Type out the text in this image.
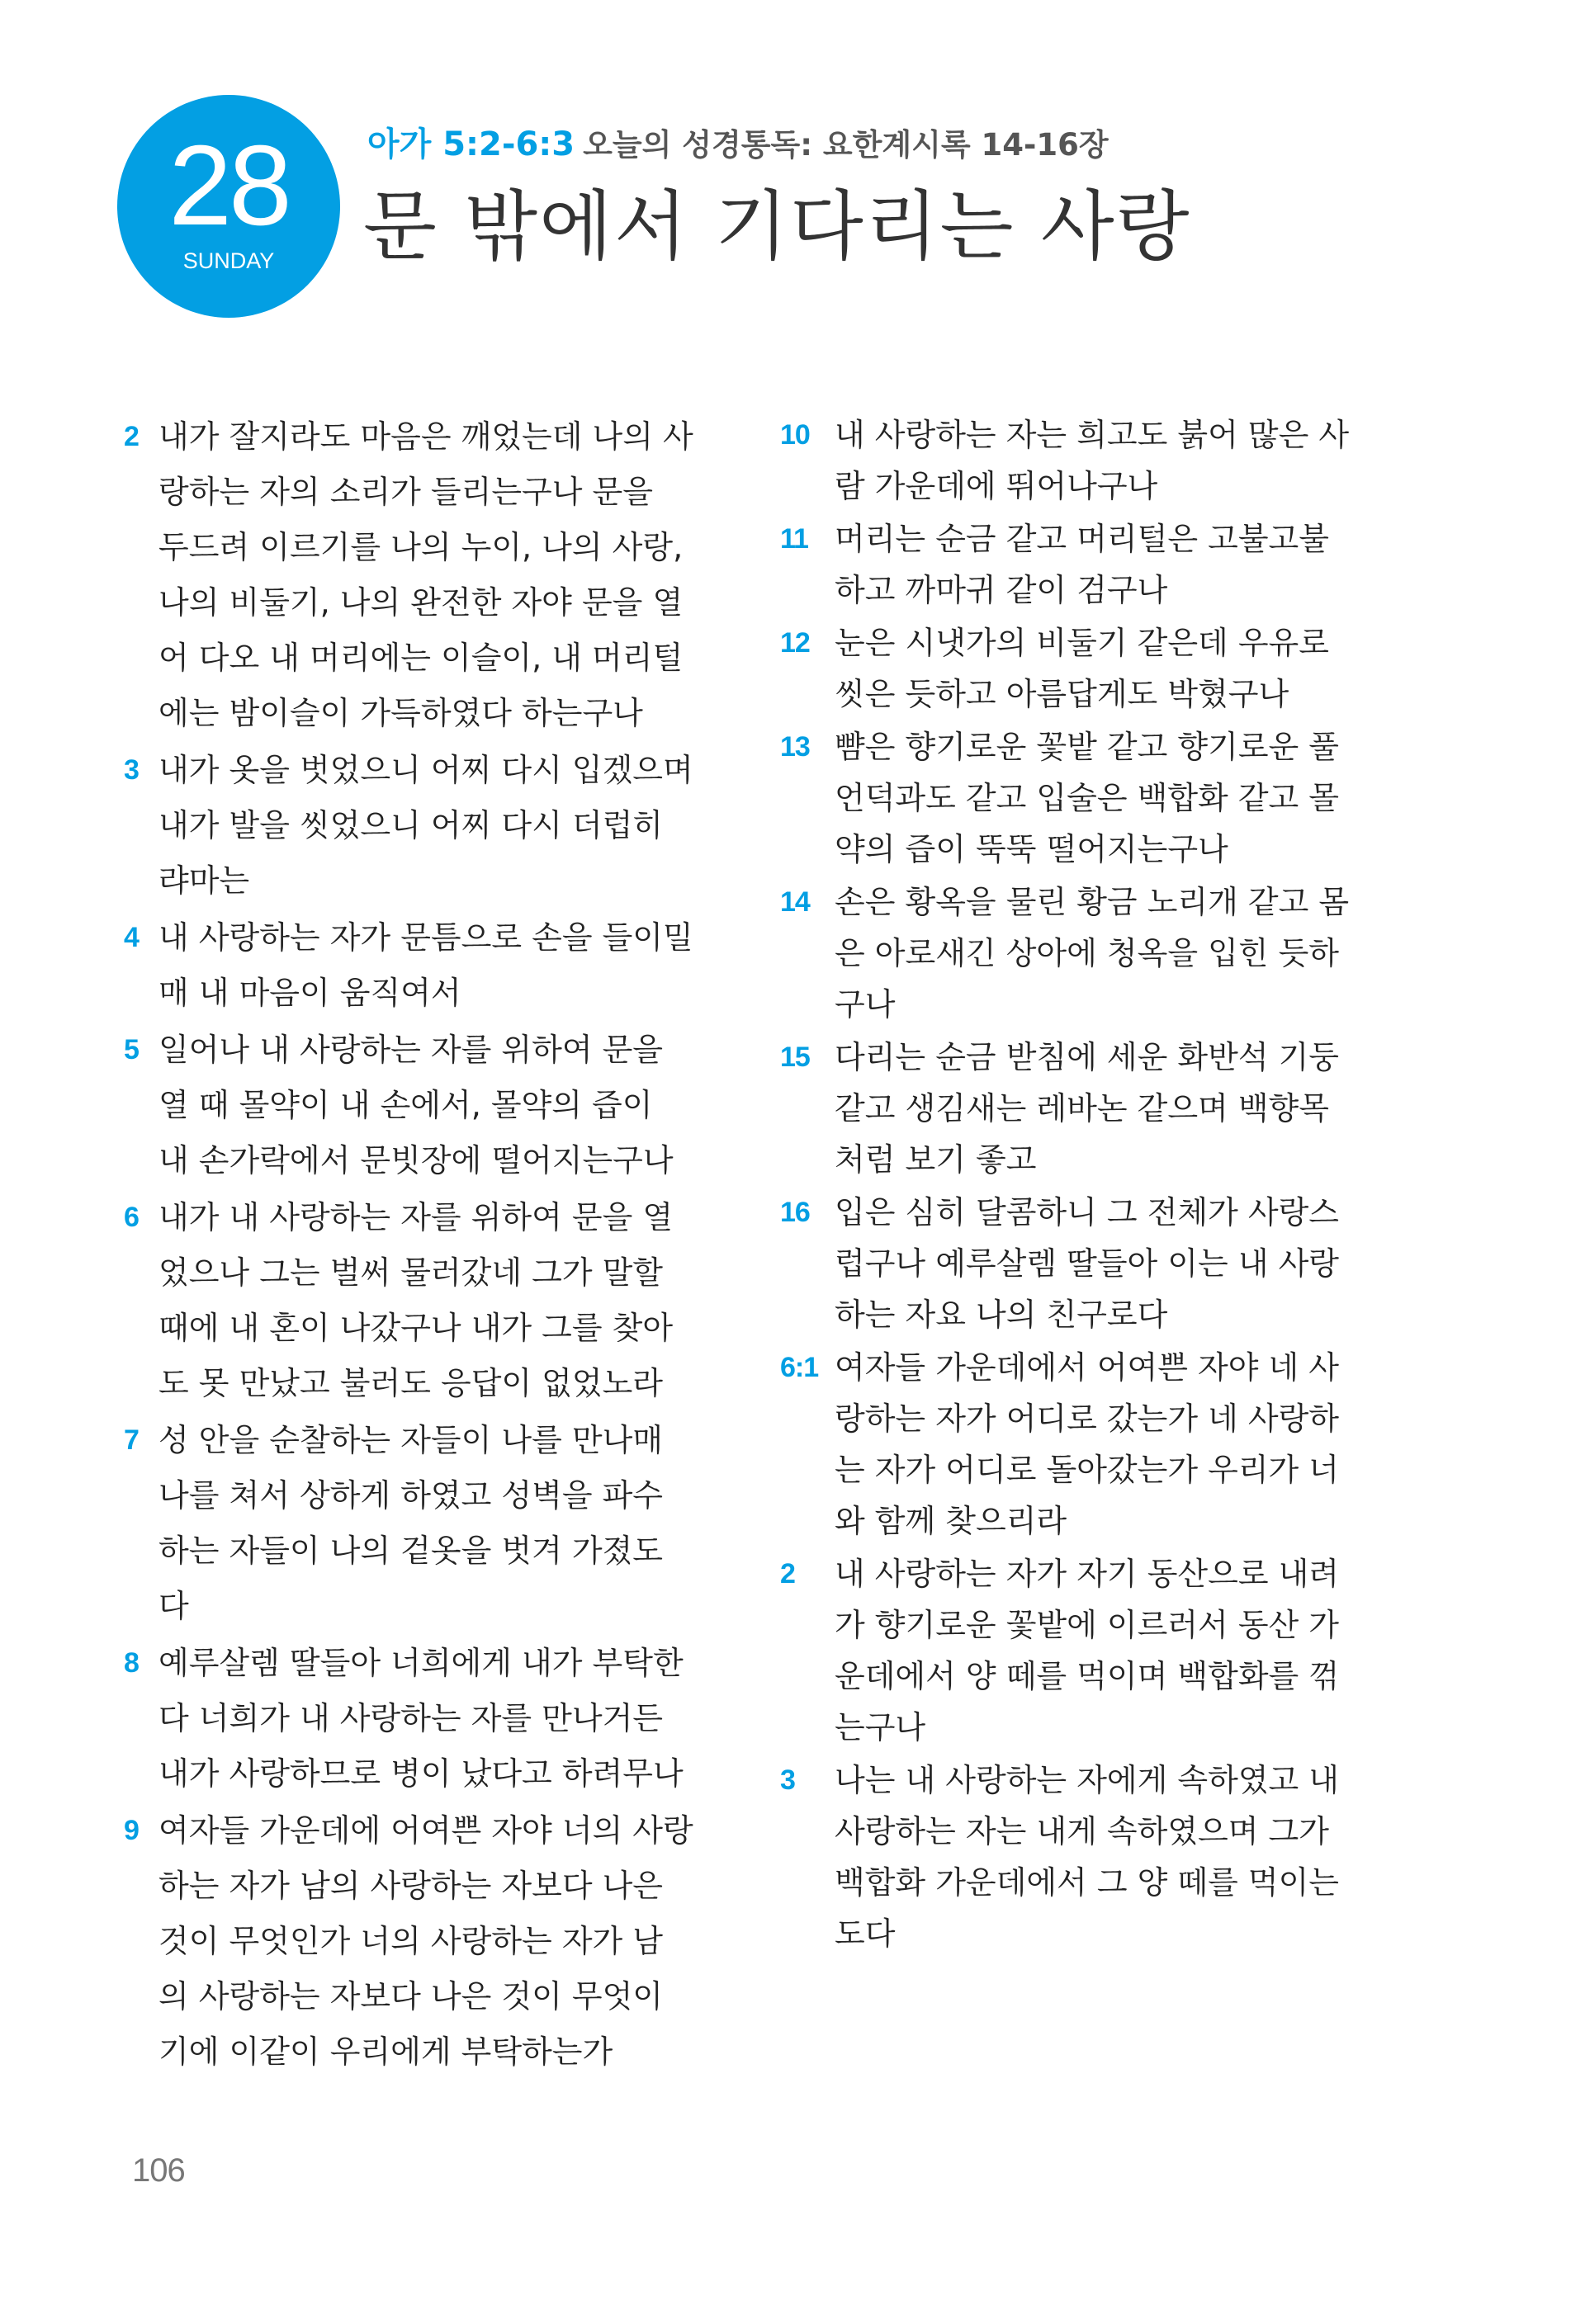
28
SUNDAY
아가 5:2-6:3 오늘의 성경통독: 요한계시록 14-16장
문 밖에서 기다리는 사랑
2 내가 잘지라도 마음은 깨었는데 나의 사
랑하는 자의 소리가 들리는구나 문을
두드려 이르기를 나의 누이, 나의 사랑,
나의 비둘기, 나의 완전한 자야 문을 열
어 다오 내 머리에는 이슬이, 내 머리털
에는 밤이슬이 가득하였다 하는구나
3 내가 옷을 벗었으니 어찌 다시 입겠으며
내가 발을 씻었으니 어찌 다시 더럽히
랴마는
4 내 사랑하는 자가 문틈으로 손을 들이밀
매 내 마음이 움직여서
5 일어나 내 사랑하는 자를 위하여 문을
열 때 몰약이 내 손에서, 몰약의 즙이
내 손가락에서 문빗장에 떨어지는구나
6 내가 내 사랑하는 자를 위하여 문을 열
었으나 그는 벌써 물러갔네 그가 말할
때에 내 혼이 나갔구나 내가 그를 찾아
도 못 만났고 불러도 응답이 없었노라
7 성 안을 순찰하는 자들이 나를 만나매
나를 쳐서 상하게 하였고 성벽을 파수
하는 자들이 나의 겉옷을 벗겨 가졌도
다
8 예루살렘 딸들아 너희에게 내가 부탁한
다 너희가 내 사랑하는 자를 만나거든
내가 사랑하므로 병이 났다고 하려무나
9 여자들 가운데에 어여쁜 자야 너의 사랑
하는 자가 남의 사랑하는 자보다 나은
것이 무엇인가 너의 사랑하는 자가 남
의 사랑하는 자보다 나은 것이 무엇이
기에 이같이 우리에게 부탁하는가
10 내 사랑하는 자는 희고도 붉어 많은 사
람 가운데에 뛰어나구나
11 머리는 순금 같고 머리털은 고불고불
하고 까마귀 같이 검구나
12 눈은 시냇가의 비둘기 같은데 우유로
씻은 듯하고 아름답게도 박혔구나
13 뺨은 향기로운 꽃밭 같고 향기로운 풀
언덕과도 같고 입술은 백합화 같고 몰
약의 즙이 뚝뚝 떨어지는구나
14 손은 황옥을 물린 황금 노리개 같고 몸
은 아로새긴 상아에 청옥을 입힌 듯하
구나
15 다리는 순금 받침에 세운 화반석 기둥
같고 생김새는 레바논 같으며 백향목
처럼 보기 좋고
16 입은 심히 달콤하니 그 전체가 사랑스
럽구나 예루살렘 딸들아 이는 내 사랑
하는 자요 나의 친구로다
6:1 여자들 가운데에서 어여쁜 자야 네 사
랑하는 자가 어디로 갔는가 네 사랑하
는 자가 어디로 돌아갔는가 우리가 너
와 함께 찾으리라
2	내 사랑하는 자가 자기 동산으로 내려
가 향기로운 꽃밭에 이르러서 동산 가
운데에서 양 떼를 먹이며 백합화를 꺾
는구나
3	나는 내 사랑하는 자에게 속하였고 내
사랑하는 자는 내게 속하였으며 그가
백합화 가운데에서 그 양 떼를 먹이는
도다
106
